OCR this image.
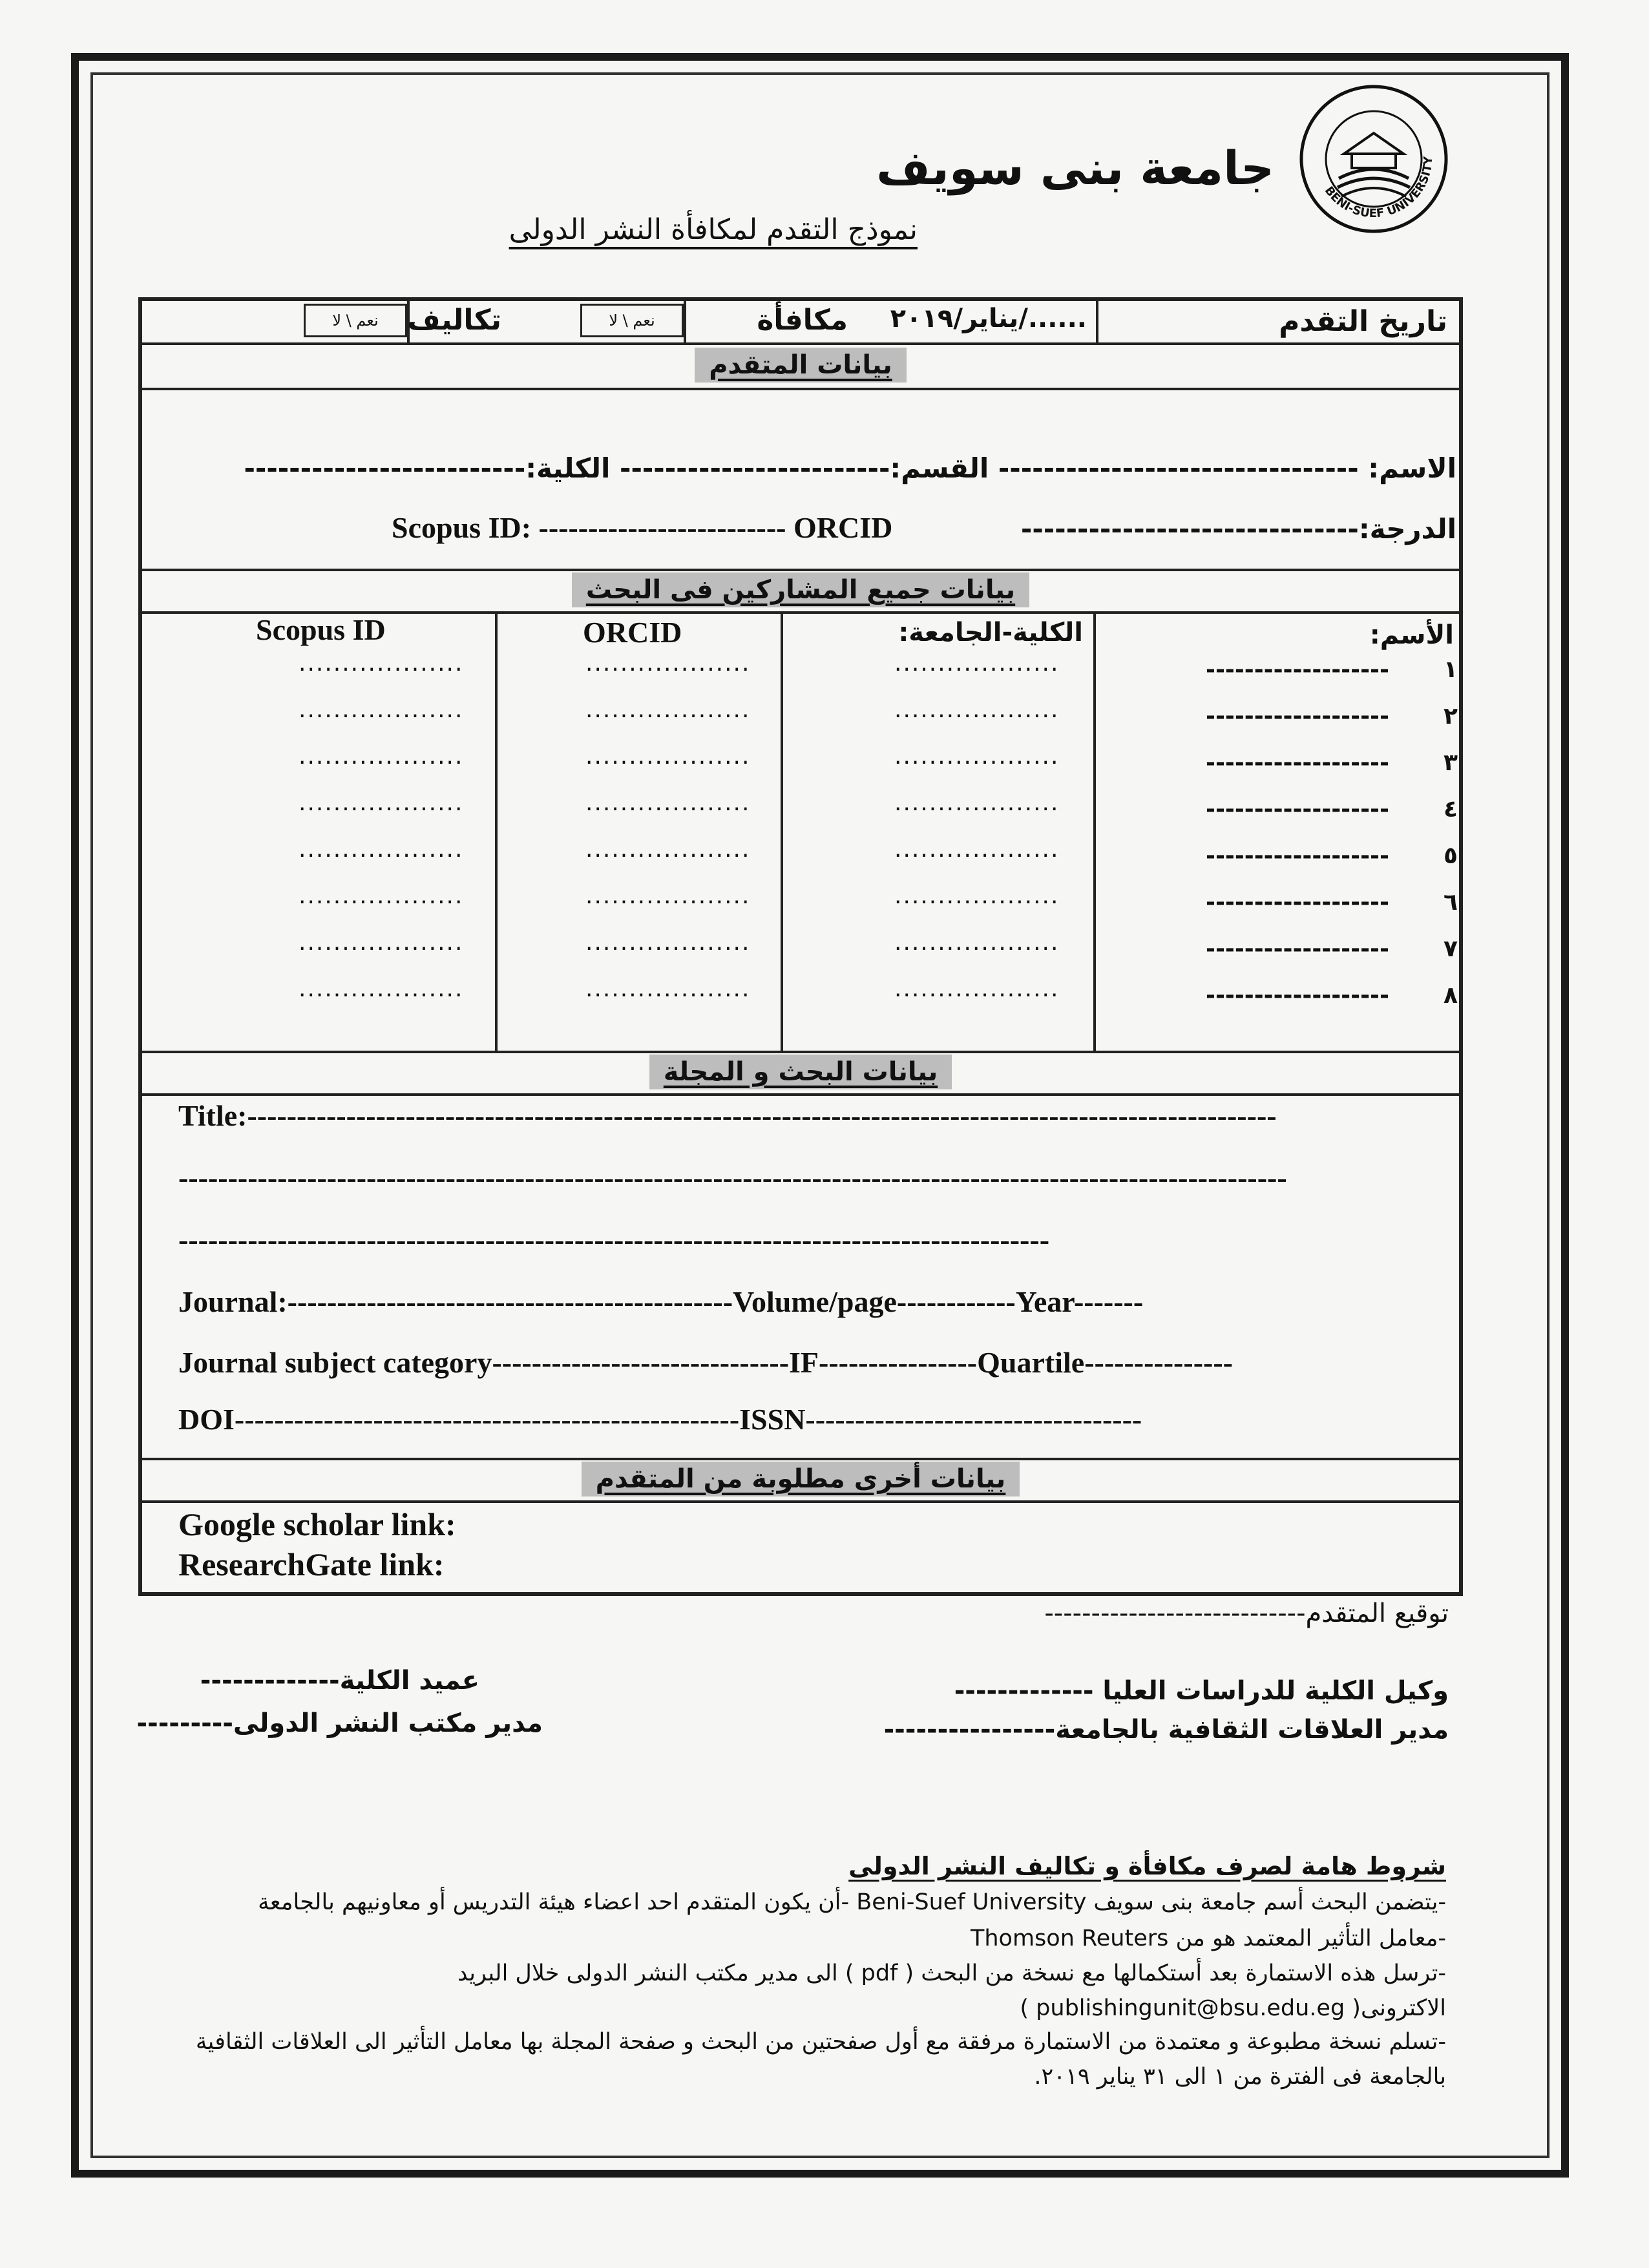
BENI-SUEF UNIVERSITY
جامعة بنى سويف
نموذج التقدم لمكافأة النشر الدولى
تاريخ التقدم
....../يناير/٢٠١٩
مكافأة
نعم \ لا
تكاليف
نعم \ لا
بيانات المتقدم
الاسم: -------------------------------- القسم:------------------------ الكلية:-------------------------
الدرجة:------------------------------
Scopus ID: ------------------------- ORCID
بيانات جميع المشاركين فى البحث
الأسم:
الكلية-الجامعة:
ORCID
Scopus ID
١
-------------------
...................
...................
...................
٢
-------------------
...................
...................
...................
٣
-------------------
...................
...................
...................
٤
-------------------
...................
...................
...................
٥
-------------------
...................
...................
...................
٦
-------------------
...................
...................
...................
٧
-------------------
...................
...................
...................
٨
-------------------
...................
...................
...................
بيانات البحث و المجلة
Title:--------------------------------------------------------------------------------------------------------
----------------------------------------------------------------------------------------------------------------
----------------------------------------------------------------------------------------
Journal:---------------------------------------------Volume/page------------Year-------
Journal subject category------------------------------IF----------------Quartile---------------
DOI---------------------------------------------------ISSN----------------------------------
بيانات أخرى مطلوبة من المتقدم
Google scholar link:
ResearchGate link:
توقيع المتقدم----------------------------
وكيل الكلية للدراسات العليا -------------
عميد الكلية-------------
مدير العلاقات الثقافية بالجامعة----------------
مدير مكتب النشر الدولى---------
شروط هامة لصرف مكافأة و تكاليف النشر الدولى
-يتضمن البحث أسم جامعة بنى سويف Beni-Suef University -أن يكون المتقدم احد اعضاء هيئة التدريس أو معاونيهم بالجامعة
-معامل التأثير المعتمد هو من Thomson Reuters
-ترسل هذه الاستمارة بعد أستكمالها مع نسخة من البحث ( pdf ) الى مدير مكتب النشر الدولى خلال البريد
الاكترونى( publishingunit@bsu.edu.eg )
-تسلم نسخة مطبوعة و معتمدة من الاستمارة مرفقة مع أول صفحتين من البحث و صفحة المجلة بها معامل التأثير الى العلاقات الثقافية
بالجامعة فى الفترة من ١ الى ٣١ يناير ٢٠١٩.
